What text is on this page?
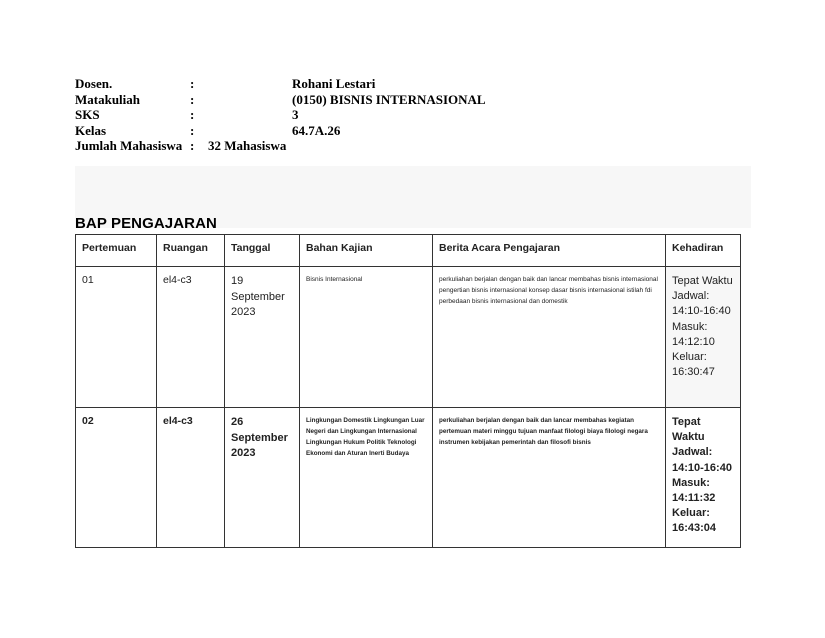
Dosen.	:	Rohani Lestari
Matakuliah	:	(0150) BISNIS INTERNASIONAL
SKS	:	3
Kelas	:	64.7A.26
Jumlah Mahasiswa : 32 Mahasiswa
BAP PENGAJARAN
Pertemuan	Ruangan	Tanggal	Bahan Kajian	Berita Acara Pengajaran	Kehadiran
01	el4-c3	19 September 2023	Bisnis Internasional	perkuliahan berjalan dengan baik dan lancar membahas bisnis internasional pengertian bisnis internasional konsep dasar bisnis internasional istilah fdi perbedaan bisnis internasional dan domestik	Tepat Waktu
Jadwal: 14:10-16:40
Masuk: 14:12:10
Keluar: 16:30:47

02	el4-c3	26 September 2023	Lingkungan Domestik Lingkungan Luar Negeri dan Lingkungan Internasional Lingkungan Hukum Politik Teknologi Ekonomi dan Aturan Inerti Budaya	perkuliahan berjalan dengan baik dan lancar membahas kegiatan pertemuan materi minggu tujuan manfaat filologi biaya filologi negara instrumen kebijakan pemerintah dan filosofi bisnis	Tepat Waktu
Jadwal: 14:10-16:40
Masuk: 14:11:32
Keluar: 16:43:04
